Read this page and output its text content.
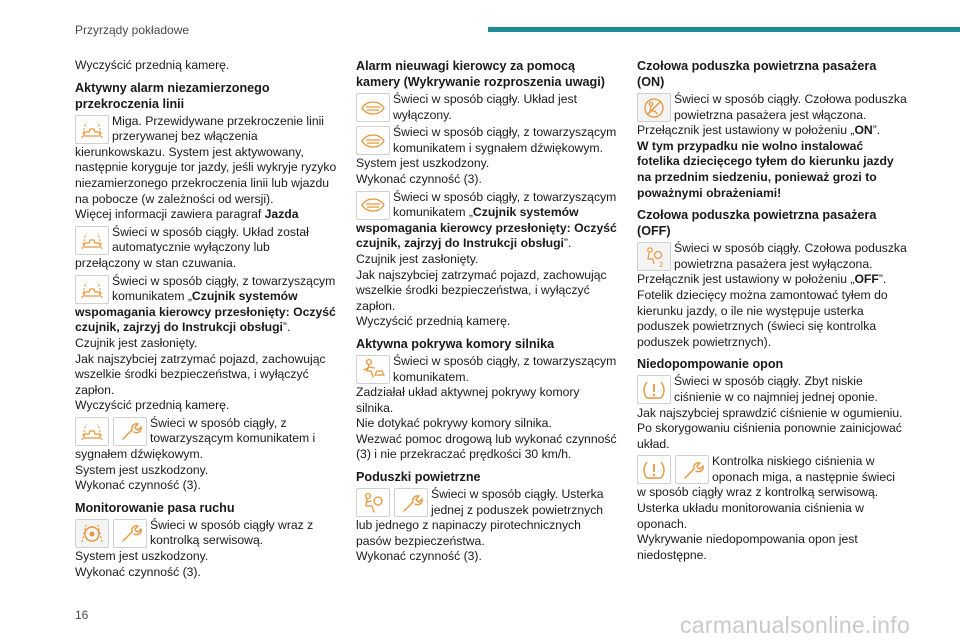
Przyrządy pokładowe

Wyczyścić przednią kamerę.

Aktywny alarm niezamierzonego przekroczenia linii

Miga. Przewidywane przekroczenie linii przerywanej bez włączenia kierunkowskazu. System jest aktywowany, następnie koryguje tor jazdy, jeśli wykryje ryzyko niezamierzonego przekroczenia linii lub wjazdu na pobocze (w zależności od wersji).
Więcej informacji zawiera paragraf Jazda
Świeci w sposób ciągły. Układ został automatycznie wyłączony lub przełączony w stan czuwania.
Świeci w sposób ciągły, z towarzyszącym komunikatem „Czujnik systemów wspomagania kierowcy przesłonięty: Oczyść czujnik, zajrzyj do Instrukcji obsługi”.
Czujnik jest zasłonięty.
Jak najszybciej zatrzymać pojazd, zachowując wszelkie środki bezpieczeństwa, i wyłączyć zapłon.
Wyczyścić przednią kamerę.
Świeci w sposób ciągły, z towarzyszącym komunikatem i sygnałem dźwiękowym.
System jest uszkodzony.
Wykonać czynność (3).

Monitorowanie pasa ruchu

Świeci w sposób ciągły wraz z kontrolką serwisową.
System jest uszkodzony.
Wykonać czynność (3).

Alarm nieuwagi kierowcy za pomocą kamery (Wykrywanie rozproszenia uwagi)

Świeci w sposób ciągły. Układ jest wyłączony.
Świeci w sposób ciągły, z towarzyszącym komunikatem i sygnałem dźwiękowym.
System jest uszkodzony.
Wykonać czynność (3).
Świeci w sposób ciągły, z towarzyszącym komunikatem „Czujnik systemów wspomagania kierowcy przesłonięty: Oczyść czujnik, zajrzyj do Instrukcji obsługi”.
Czujnik jest zasłonięty.
Jak najszybciej zatrzymać pojazd, zachowując wszelkie środki bezpieczeństwa, i wyłączyć zapłon.
Wyczyścić przednią kamerę.

Aktywna pokrywa komory silnika

Świeci w sposób ciągły, z towarzyszącym komunikatem.
Zadziałał układ aktywnej pokrywy komory silnika.
Nie dotykać pokrywy komory silnika.
Wezwać pomoc drogową lub wykonać czynność (3) i nie przekraczać prędkości 30 km/h.

Poduszki powietrzne

Świeci w sposób ciągły. Usterka jednej z poduszek powietrznych lub jednego z napinaczy pirotechnicznych pasów bezpieczeństwa.
Wykonać czynność (3).

Czołowa poduszka powietrzna pasażera (ON)

Świeci w sposób ciągły. Czołowa poduszka powietrzna pasażera jest włączona.
Przełącznik jest ustawiony w położeniu „ON”.
W tym przypadku nie wolno instalować fotelika dziecięcego tyłem do kierunku jazdy na przednim siedzeniu, ponieważ grozi to poważnymi obrażeniami!

Czołowa poduszka powietrzna pasażera (OFF)

Świeci w sposób ciągły. Czołowa poduszka powietrzna pasażera jest wyłączona.
Przełącznik jest ustawiony w położeniu „OFF”.
Fotelik dziecięcy można zamontować tyłem do kierunku jazdy, o ile nie występuje usterka poduszek powietrznych (świeci się kontrolka poduszek powietrznych).

Niedopompowanie opon

Świeci w sposób ciągły. Zbyt niskie ciśnienie w co najmniej jednej oponie.
Jak najszybciej sprawdzić ciśnienie w ogumieniu.
Po skorygowaniu ciśnienia ponownie zainicjować układ.
Kontrolka niskiego ciśnienia w oponach miga, a następnie świeci w sposób ciągły wraz z kontrolką serwisową.
Usterka układu monitorowania ciśnienia w oponach.
Wykrywanie niedopompowania opon jest niedostępne.
16	carmanualsonline.info
